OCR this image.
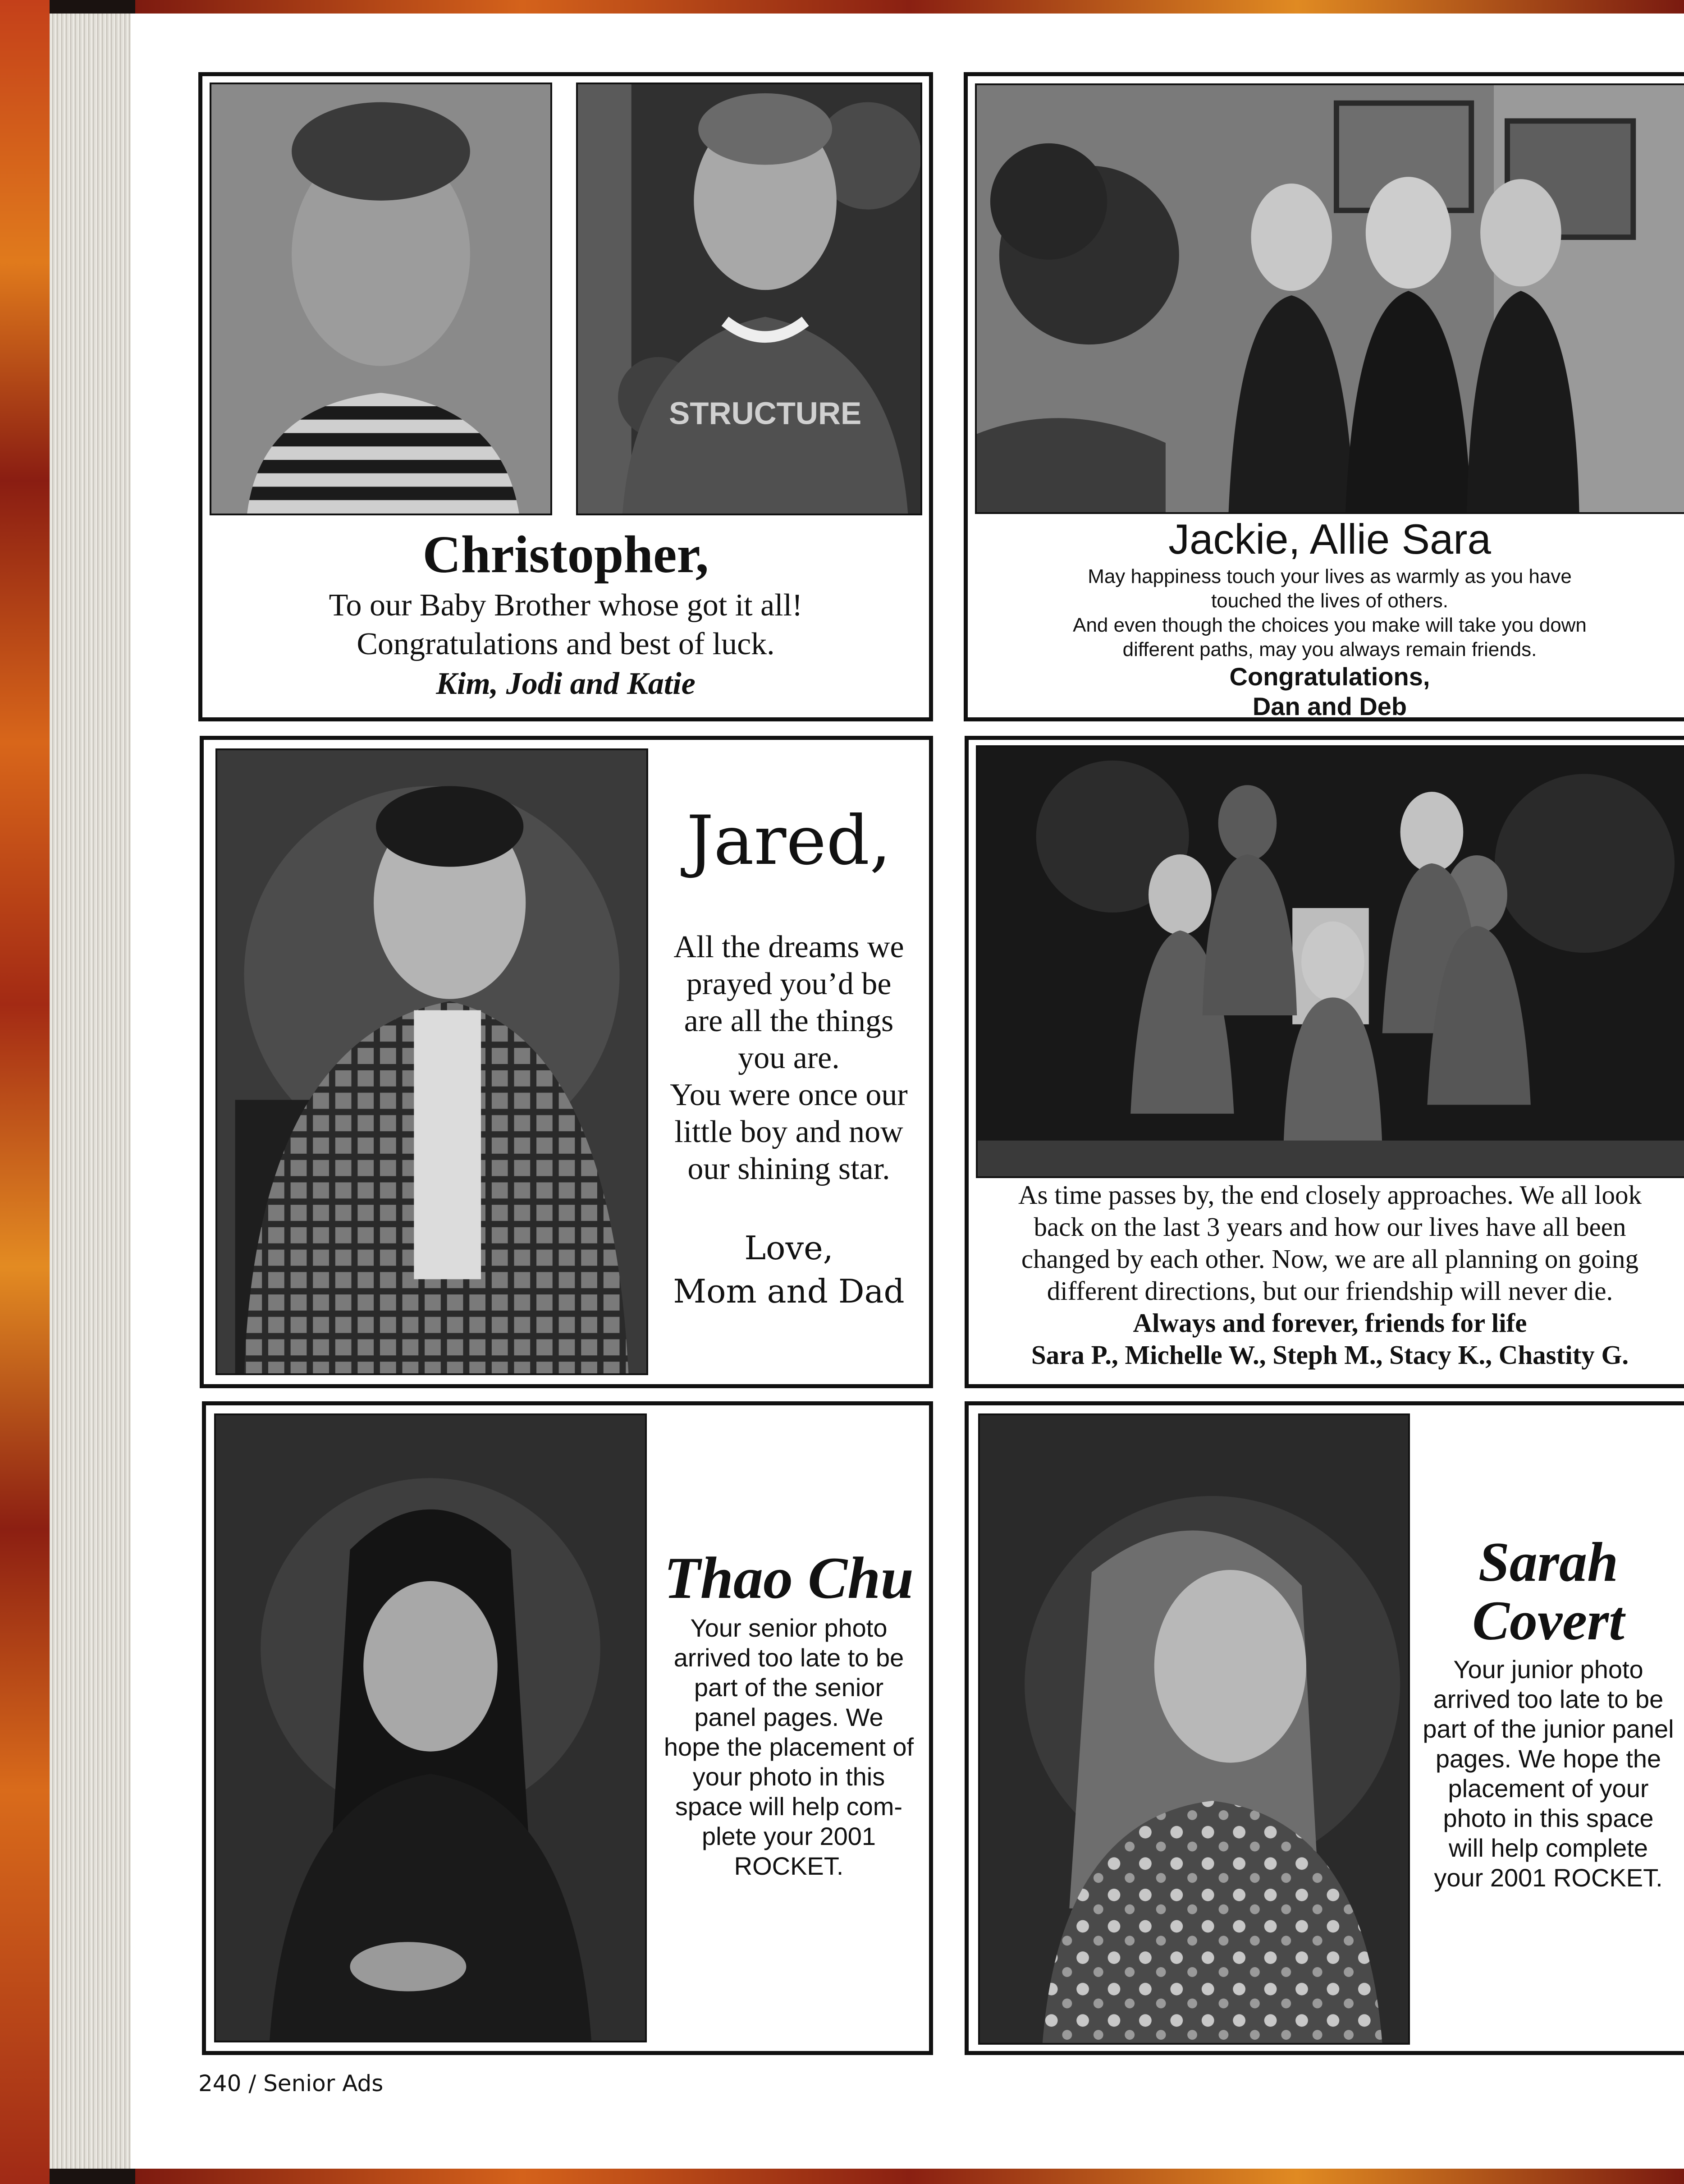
STRUCTURE
Christopher,
To our Baby Brother whose got it all!
Congratulations and best of luck.
Kim, Jodi and Katie
Jackie, Allie Sara
May happiness touch your lives as warmly as you have
touched the lives of others.
And even though the choices you make will take you down
different paths, may you always remain friends.
Congratulations,
Dan and Deb
Jared,
All the dreams we
prayed you’d be
are all the things
you are.
You were once our
little boy and now
our shining star.
Love,
Mom and Dad
As time passes by, the end closely approaches. We all look
back on the last 3 years and how our lives have all been
changed by each other. Now, we are all planning on going
different directions, but our friendship will never die.
Always and forever, friends for life
Sara P., Michelle W., Steph M., Stacy K., Chastity G.
Thao Chu
Your senior photo
arrived too late to be
part of the senior
panel pages. We
hope the placement of
your photo in this
space will help com-
plete your 2001
ROCKET.
Sarah
Covert
Your junior photo
arrived too late to be
part of the junior panel
pages. We hope the
placement of your
photo in this space
will help complete
your 2001 ROCKET.
240 / Senior Ads
